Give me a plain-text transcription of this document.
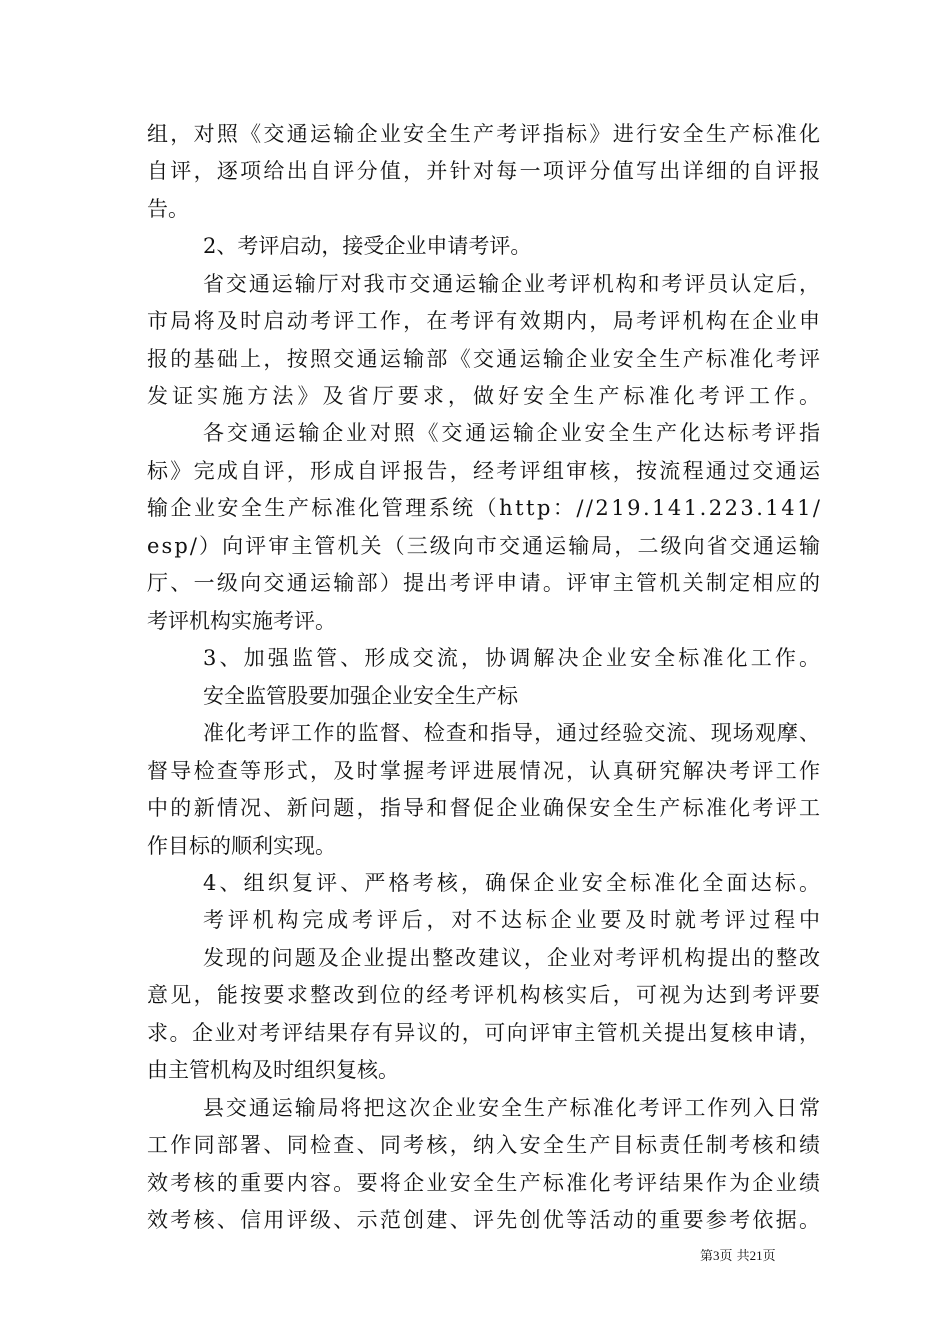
组，对照《交通运输企业安全生产考评指标》进行安全生产标准化
自评，逐项给出自评分值，并针对每一项评分值写出详细的自评报
告。
2、考评启动，接受企业申请考评。
省交通运输厅对我市交通运输企业考评机构和考评员认定后，
市局将及时启动考评工作，在考评有效期内，局考评机构在企业申
报的基础上，按照交通运输部《交通运输企业安全生产标准化考评
发证实施方法》及省厅要求，做好安全生产标准化考评工作。
各交通运输企业对照《交通运输企业安全生产化达标考评指
标》完成自评，形成自评报告，经考评组审核，按流程通过交通运
输企业安全生产标准化管理系统（http：//219.141.223.141/
esp/）向评审主管机关（三级向市交通运输局，二级向省交通运输
厅、一级向交通运输部）提出考评申请。评审主管机关制定相应的
考评机构实施考评。
3、加强监管、形成交流，协调解决企业安全标准化工作。
安全监管股要加强企业安全生产标
准化考评工作的监督、检查和指导，通过经验交流、现场观摩、
督导检查等形式，及时掌握考评进展情况，认真研究解决考评工作
中的新情况、新问题，指导和督促企业确保安全生产标准化考评工
作目标的顺利实现。
4、组织复评、严格考核，确保企业安全标准化全面达标。
考评机构完成考评后，对不达标企业要及时就考评过程中
发现的问题及企业提出整改建议，企业对考评机构提出的整改
意见，能按要求整改到位的经考评机构核实后，可视为达到考评要
求。企业对考评结果存有异议的，可向评审主管机关提出复核申请，
由主管机构及时组织复核。
县交通运输局将把这次企业安全生产标准化考评工作列入日常
工作同部署、同检查、同考核，纳入安全生产目标责任制考核和绩
效考核的重要内容。要将企业安全生产标准化考评结果作为企业绩
效考核、信用评级、示范创建、评先创优等活动的重要参考依据。
第3页 共21页
